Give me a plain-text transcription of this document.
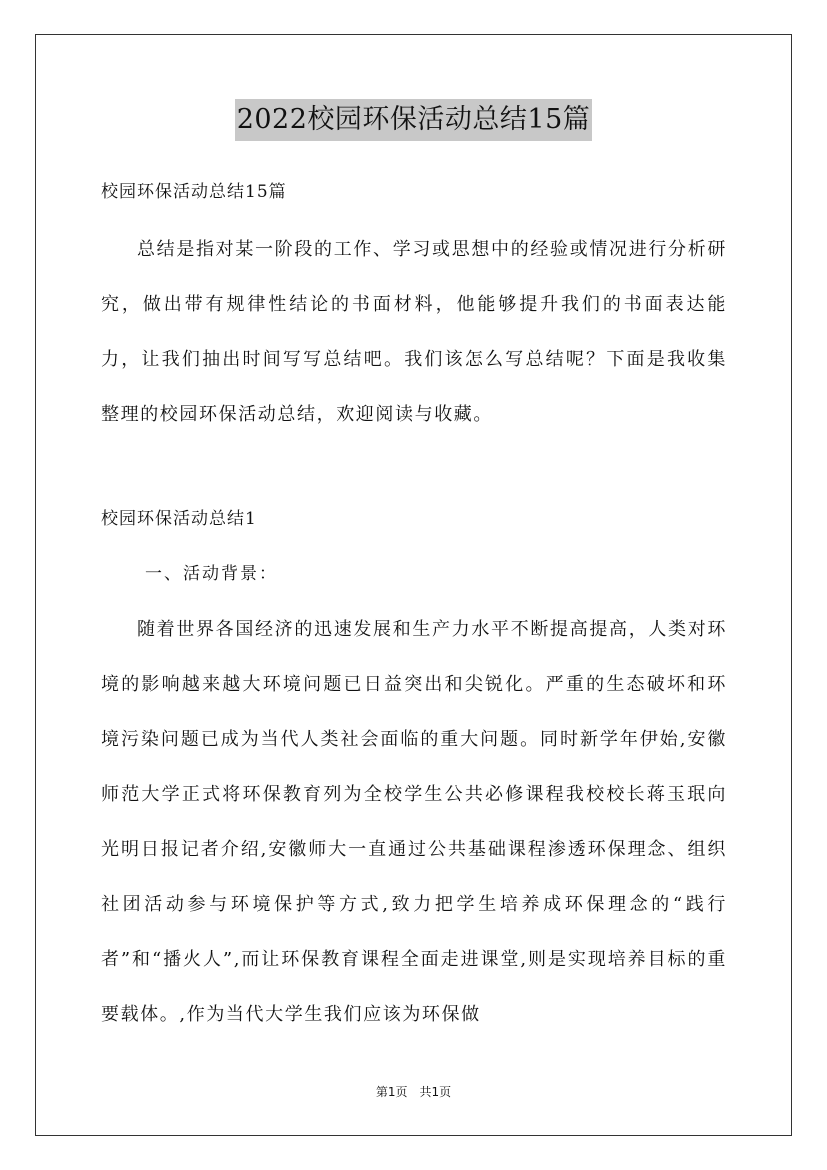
2022校园环保活动总结15篇
校园环保活动总结15篇

总结是指对某一阶段的工作、学习或思想中的经验或情况进行分析研究，做出带有规律性结论的书面材料，他能够提升我们的书面表达能力，让我们抽出时间写写总结吧。我们该怎么写总结呢？下面是我收集整理的校园环保活动总结，欢迎阅读与收藏。

校园环保活动总结1
一、活动背景：

随着世界各国经济的迅速发展和生产力水平不断提高提高，人类对环境的影响越来越大环境问题已日益突出和尖锐化。严重的生态破坏和环境污染问题已成为当代人类社会面临的重大问题。同时新学年伊始,安徽师范大学正式将环保教育列为全校学生公共必修课程我校校长蒋玉珉向光明日报记者介绍,安徽师大一直通过公共基础课程渗透环保理念、组织社团活动参与环境保护等方式,致力把学生培养成环保理念的“践行者”和“播火人”,而让环保教育课程全面走进课堂,则是实现培养目标的重要载体。,作为当代大学生我们应该为环保做

第1页　共1页
